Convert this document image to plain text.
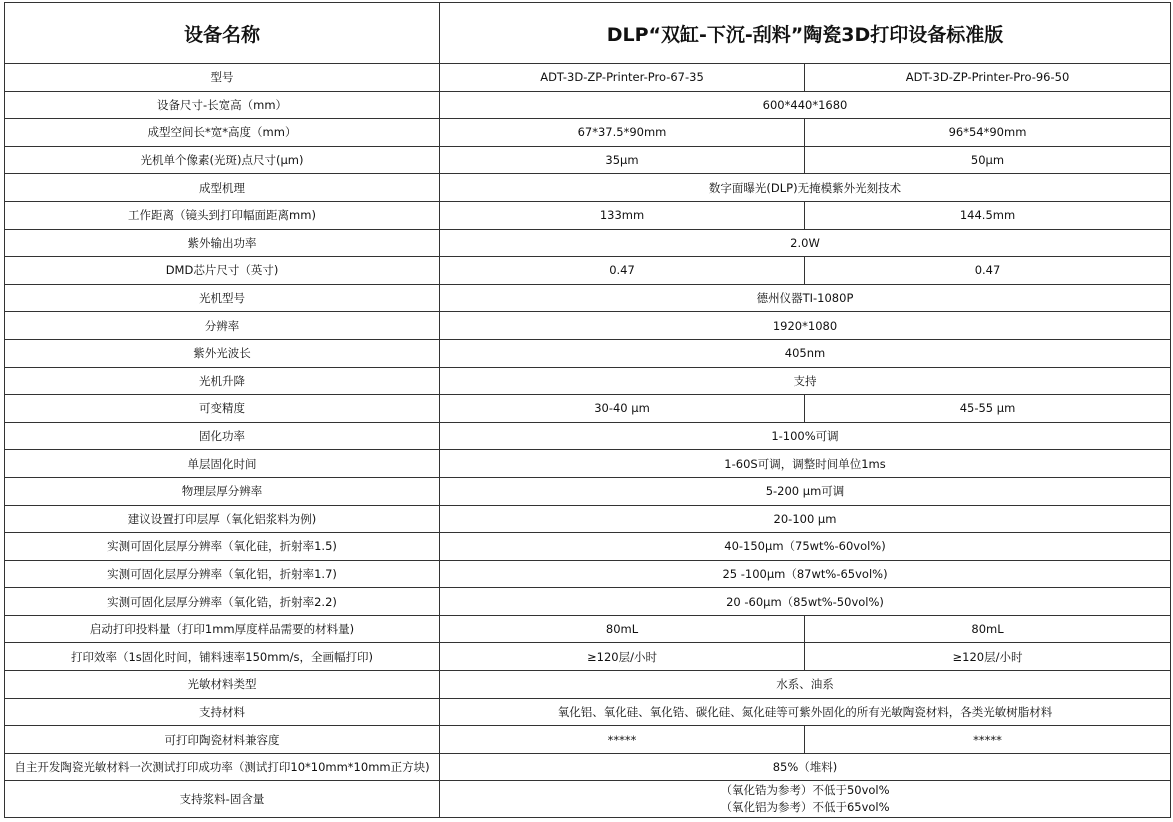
设备名称	DLP“双缸-下沉-刮料”陶瓷3D打印设备标准版	
型号	ADT-3D-ZP-Printer-Pro-67-35	ADT-3D-ZP-Printer-Pro-96-50
设备尺寸-长宽高（mm）	600*440*1680	
成型空间长*宽*高度（mm）	67*37.5*90mm	96*54*90mm
光机单个像素(光斑)点尺寸(μm)	35μm	50μm
成型机理	数字面曝光(DLP)无掩模紫外光刻技术	
工作距离（镜头到打印幅面距离mm)	133mm	144.5mm
紫外输出功率	2.0W	
DMD芯片尺寸（英寸)	0.47	0.47
光机型号	德州仪器TI-1080P	
分辨率	1920*1080	
紫外光波长	405nm	
光机升降	支持	
可变精度	30-40 μm	45-55 μm
固化功率	1-100%可调	
单层固化时间	1-60S可调，调整时间单位1ms	
物理层厚分辨率	5-200 μm可调	
建议设置打印层厚（氧化铝浆料为例)	20-100 μm	
实测可固化层厚分辨率（氧化硅，折射率1.5)	40-150μm（75wt%-60vol%)	
实测可固化层厚分辨率（氧化铝，折射率1.7)	25 -100μm（87wt%-65vol%)	
实测可固化层厚分辨率（氧化锆，折射率2.2)	20 -60μm（85wt%-50vol%)	
启动打印投料量（打印1mm厚度样品需要的材料量)	80mL	80mL
打印效率（1s固化时间，铺料速率150mm/s，全画幅打印)	≥120层/小时	≥120层/小时
光敏材料类型	水系、油系	
支持材料	氧化铝、氧化硅、氧化锆、碳化硅、氮化硅等可紫外固化的所有光敏陶瓷材料，各类光敏树脂材料	
可打印陶瓷材料兼容度	*****	*****
自主开发陶瓷光敏材料一次测试打印成功率（测试打印10*10mm*10mm正方块)	85%（堆料)	
支持浆料-固含量	（氧化锆为参考）不低于50vol%
（氧化铝为参考）不低于65vol%	
